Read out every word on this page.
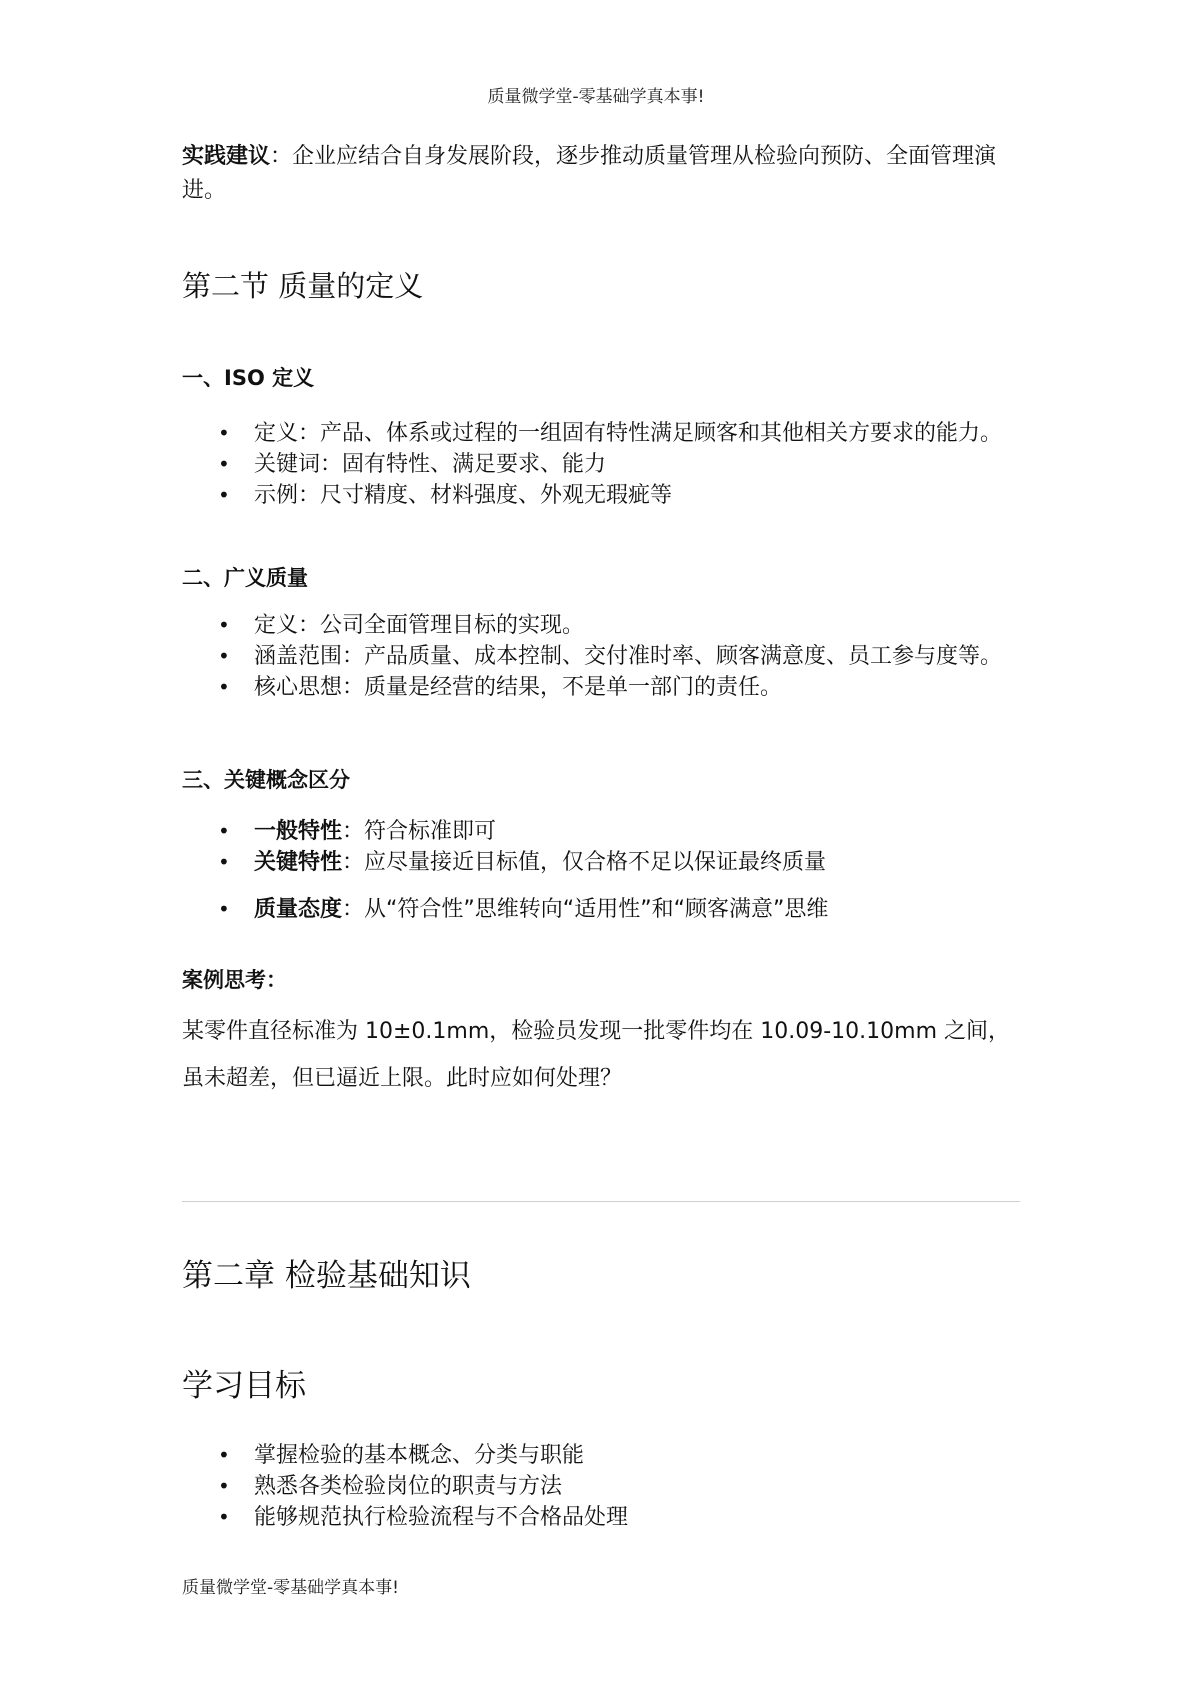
质量微学堂-零基础学真本事!

实践建议：企业应结合自身发展阶段，逐步推动质量管理从检验向预防、全面管理演进。

第二节 质量的定义
一、ISO 定义
• 定义：产品、体系或过程的一组固有特性满足顾客和其他相关方要求的能力。
• 关键词：固有特性、满足要求、能力
• 示例：尺寸精度、材料强度、外观无瑕疵等
二、广义质量
• 定义：公司全面管理目标的实现。
• 涵盖范围：产品质量、成本控制、交付准时率、顾客满意度、员工参与度等。
• 核心思想：质量是经营的结果，不是单一部门的责任。
三、关键概念区分
• 一般特性：符合标准即可
• 关键特性：应尽量接近目标值，仅合格不足以保证最终质量
• 质量态度：从“符合性”思维转向“适用性”和“顾客满意”思维
案例思考：

某零件直径标准为 10±0.1mm，检验员发现一批零件均在 10.09-10.10mm 之间，虽未超差，但已逼近上限。此时应如何处理？

第二章 检验基础知识
学习目标
• 掌握检验的基本概念、分类与职能
• 熟悉各类检验岗位的职责与方法
• 能够规范执行检验流程与不合格品处理
质量微学堂-零基础学真本事!
